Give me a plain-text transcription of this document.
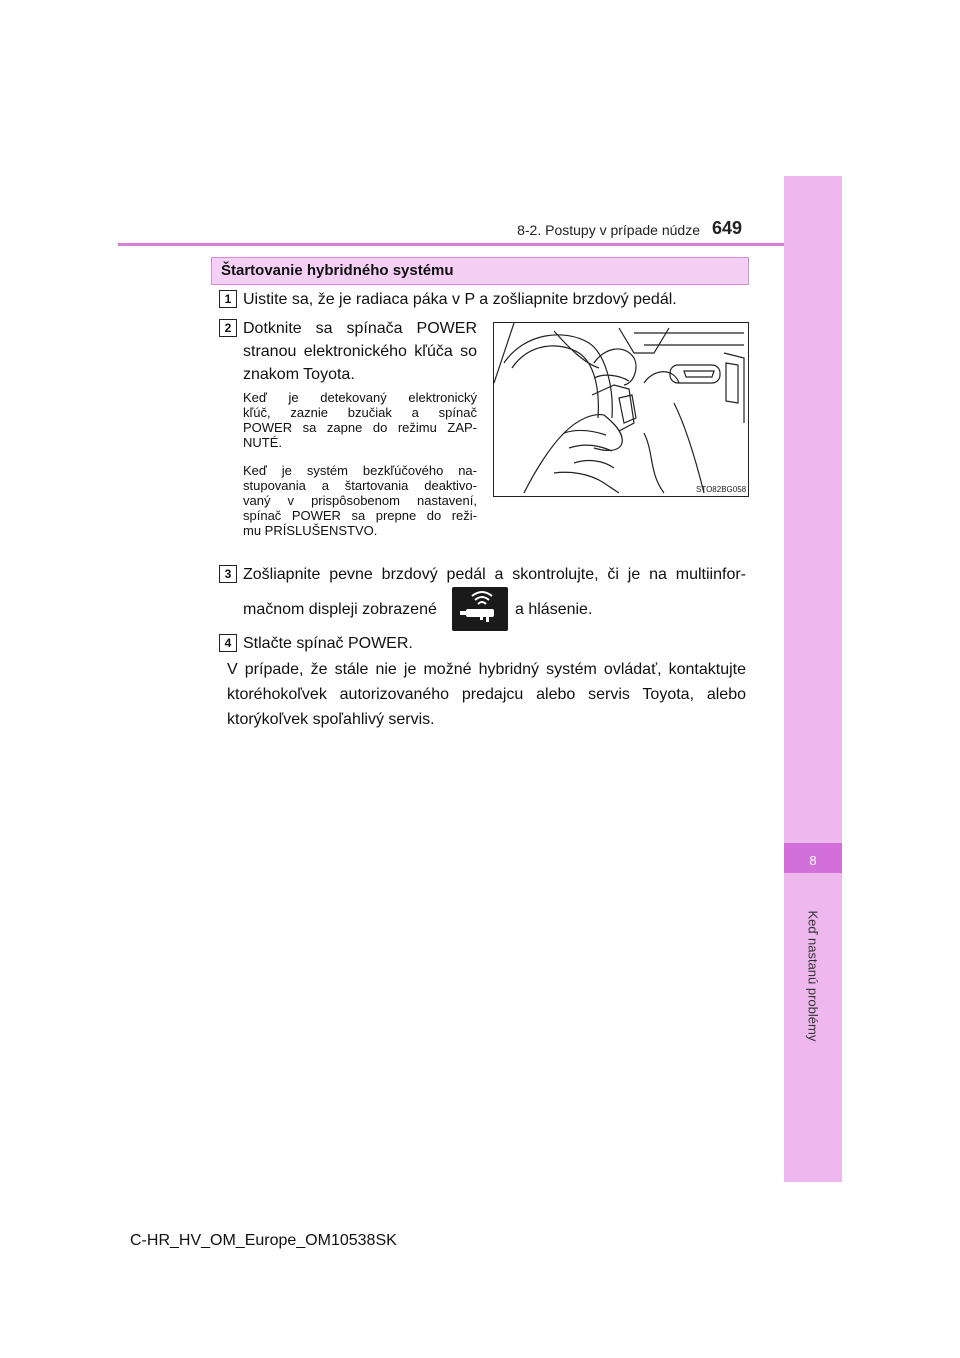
8
Keď nastanú problémy
8-2. Postupy v prípade núdze 649
Štartovanie hybridného systému
1 Uistite sa, že je radiaca páka v P a zošliapnite brzdový pedál.
2 Dotknite sa spínača POWER
stranou elektronického kľúča so
znakom Toyota.
Keď je detekovaný elektronický
kľúč, zaznie bzučiak a spínač
POWER sa zapne do režimu ZAP-
NUTÉ.
Keď je systém bezkľúčového na-
stupovania a štartovania deaktivo-
vaný v prispôsobenom nastavení,
spínač POWER sa prepne do reži-
mu PRÍSLUŠENSTVO.
STO82BG058
3 Zošliapnite pevne brzdový pedál a skontrolujte, či je na multiinfor-
mačnom displeji zobrazené	a hlásenie.
4 Stlačte spínač POWER.
V prípade, že stále nie je možné hybridný systém ovládať, kontaktujte
ktoréhokoľvek autorizovaného predajcu alebo servis Toyota, alebo
ktorýkoľvek spoľahlivý servis.
C-HR_HV_OM_Europe_OM10538SK
